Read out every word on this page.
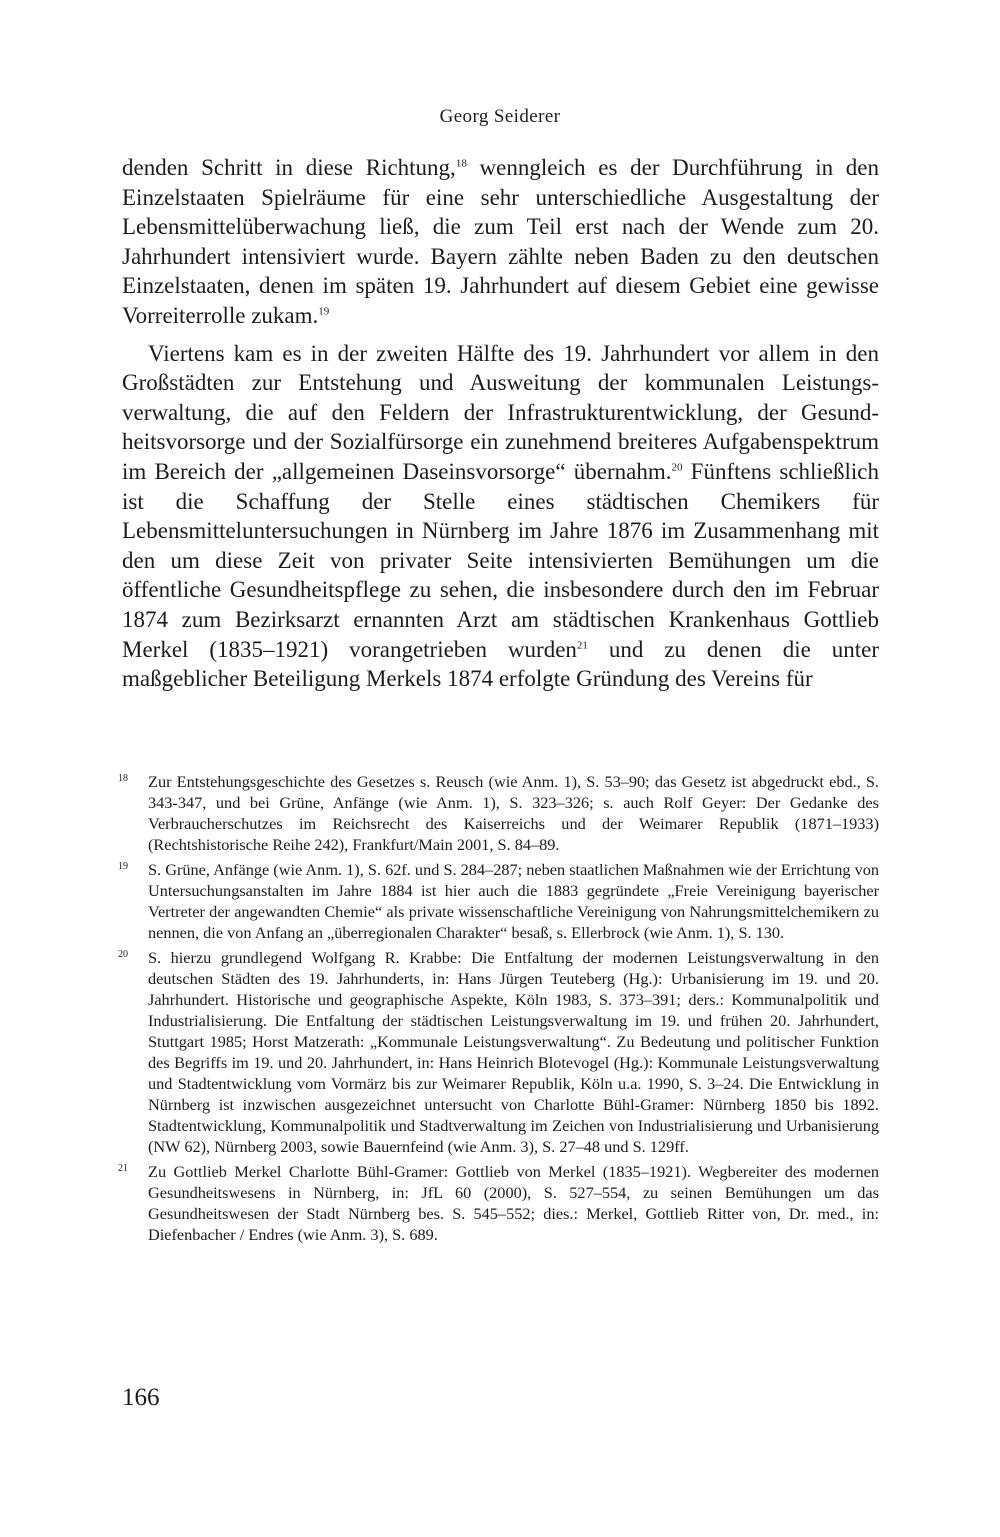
Georg Seiderer

denden Schritt in diese Richtung,$^{18}$ wenngleich es der Durchführung in den Einzelstaaten Spielräume für eine sehr unterschiedliche Ausgestaltung der Lebensmittelüberwachung ließ, die zum Teil erst nach der Wende zum 20. Jahrhundert intensiviert wurde. Bayern zählte neben Baden zu den deutschen Einzelstaaten, denen im späten 19. Jahrhundert auf diesem Gebiet eine gewisse Vorreiterrolle zukam.$^{19}$

Viertens kam es in der zweiten Hälfte des 19. Jahrhundert vor allem in den Großstädten zur Entstehung und Ausweitung der kommunalen Leistungsverwaltung, die auf den Feldern der Infrastrukturentwicklung, der Gesundheitsvorsorge und der Sozialfürsorge ein zunehmend breiteres Aufgabenspektrum im Bereich der „allgemeinen Daseinsvorsorge“ übernahm.$^{20}$ Fünftens schließlich ist die Schaffung der Stelle eines städtischen Chemikers für Lebensmitteluntersuchungen in Nürnberg im Jahre 1876 im Zusammenhang mit den um diese Zeit von privater Seite intensivierten Bemühungen um die öffentliche Gesundheitspflege zu sehen, die insbesondere durch den im Februar 1874 zum Bezirksarzt ernannten Arzt am städtischen Krankenhaus Gottlieb Merkel (1835–1921) vorangetrieben wurden$^{21}$ und zu denen die unter maßgeblicher Beteiligung Merkels 1874 erfolgte Gründung des Vereins für

18 Zur Entstehungsgeschichte des Gesetzes s. Reusch (wie Anm. 1), S. 53–90; das Gesetz ist abgedruckt ebd., S. 343-347, und bei Grüne, Anfänge (wie Anm. 1), S. 323–326; s. auch Rolf Geyer: Der Gedanke des Verbraucherschutzes im Reichsrecht des Kaiserreichs und der Weimarer Republik (1871–1933) (Rechtshistorische Reihe 242), Frankfurt/Main 2001, S. 84–89.

19 S. Grüne, Anfänge (wie Anm. 1), S. 62f. und S. 284–287; neben staatlichen Maßnahmen wie der Errichtung von Untersuchungsanstalten im Jahre 1884 ist hier auch die 1883 gegründete „Freie Vereinigung bayerischer Vertreter der angewandten Chemie“ als private wissenschaftliche Vereinigung von Nahrungsmittelchemikern zu nennen, die von Anfang an „überregionalen Charakter“ besaß, s. Ellerbrock (wie Anm. 1), S. 130.

20 S. hierzu grundlegend Wolfgang R. Krabbe: Die Entfaltung der modernen Leistungsverwaltung in den deutschen Städten des 19. Jahrhunderts, in: Hans Jürgen Teuteberg (Hg.): Urbanisierung im 19. und 20. Jahrhundert. Historische und geographische Aspekte, Köln 1983, S. 373–391; ders.: Kommunalpolitik und Industrialisierung. Die Entfaltung der städtischen Leistungsverwaltung im 19. und frühen 20. Jahrhundert, Stuttgart 1985; Horst Matzerath: „Kommunale Leistungsverwaltung“. Zu Bedeutung und politischer Funktion des Begriffs im 19. und 20. Jahrhundert, in: Hans Heinrich Blotevogel (Hg.): Kommunale Leistungsverwaltung und Stadtentwicklung vom Vormärz bis zur Weimarer Republik, Köln u.a. 1990, S. 3–24. Die Entwicklung in Nürnberg ist inzwischen ausgezeichnet untersucht von Charlotte Bühl-Gramer: Nürnberg 1850 bis 1892. Stadtentwicklung, Kommunalpolitik und Stadtverwaltung im Zeichen von Industrialisierung und Urbanisierung (NW 62), Nürnberg 2003, sowie Bauernfeind (wie Anm. 3), S. 27–48 und S. 129ff.

21 Zu Gottlieb Merkel Charlotte Bühl-Gramer: Gottlieb von Merkel (1835–1921). Wegbereiter des modernen Gesundheitswesens in Nürnberg, in: JfL 60 (2000), S. 527–554, zu seinen Bemühungen um das Gesundheitswesen der Stadt Nürnberg bes. S. 545–552; dies.: Merkel, Gottlieb Ritter von, Dr. med., in: Diefenbacher / Endres (wie Anm. 3), S. 689.

166
